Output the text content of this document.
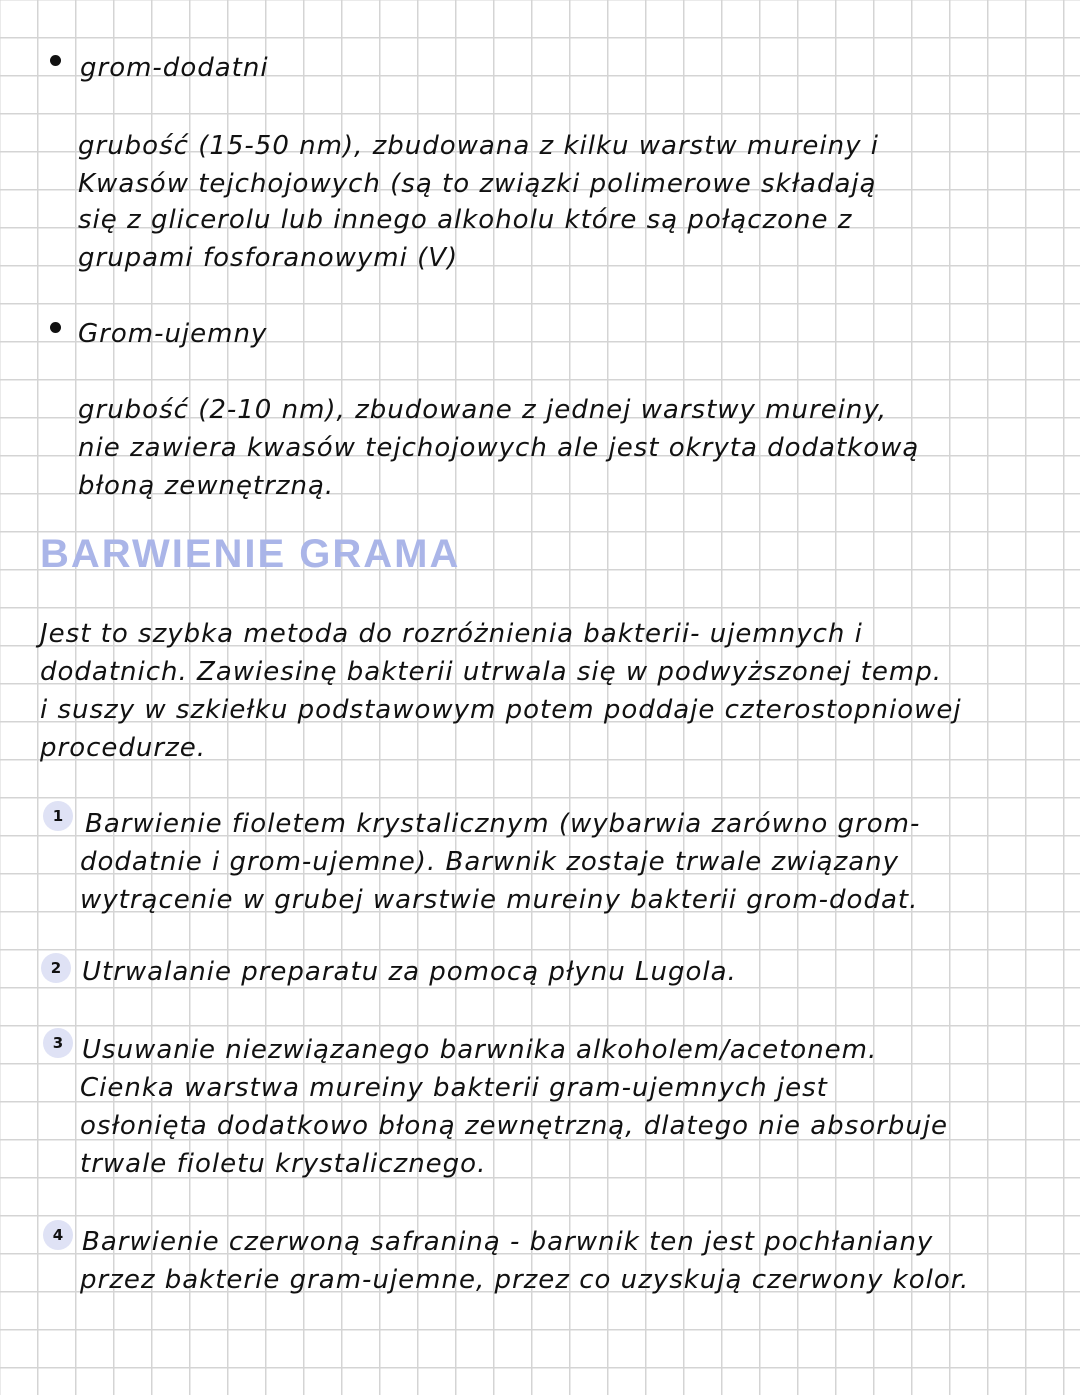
grom-dodatni
grubość (15-50 nm), zbudowana z kilku warstw mureiny i
Kwasów tejchojowych (są to związki polimerowe składają
się z glicerolu lub innego alkoholu które są połączone z
grupami fosforanowymi (V)
Grom-ujemny
grubość (2-10 nm), zbudowane z jednej warstwy mureiny,
nie zawiera kwasów tejchojowych ale jest okryta dodatkową
błoną zewnętrzną.
BARWIENIE GRAMA
Jest to szybka metoda do rozróżnienia bakterii- ujemnych i
dodatnich. Zawiesinę bakterii utrwala się w podwyższonej temp.
i suszy w szkiełku podstawowym potem poddaje czterostopniowej
procedurze.
1 Barwienie fioletem krystalicznym (wybarwia zarówno grom-
dodatnie i grom-ujemne). Barwnik zostaje trwale związany
wytrącenie w grubej warstwie mureiny bakterii grom-dodat.
2 Utrwalanie preparatu za pomocą płynu Lugola.
3 Usuwanie niezwiązanego barwnika alkoholem/acetonem.
Cienka warstwa mureiny bakterii gram-ujemnych jest
osłonięta dodatkowo błoną zewnętrzną, dlatego nie absorbuje
trwale fioletu krystalicznego.
4 Barwienie czerwoną safraniną - barwnik ten jest pochłaniany
przez bakterie gram-ujemne, przez co uzyskują czerwony kolor.
